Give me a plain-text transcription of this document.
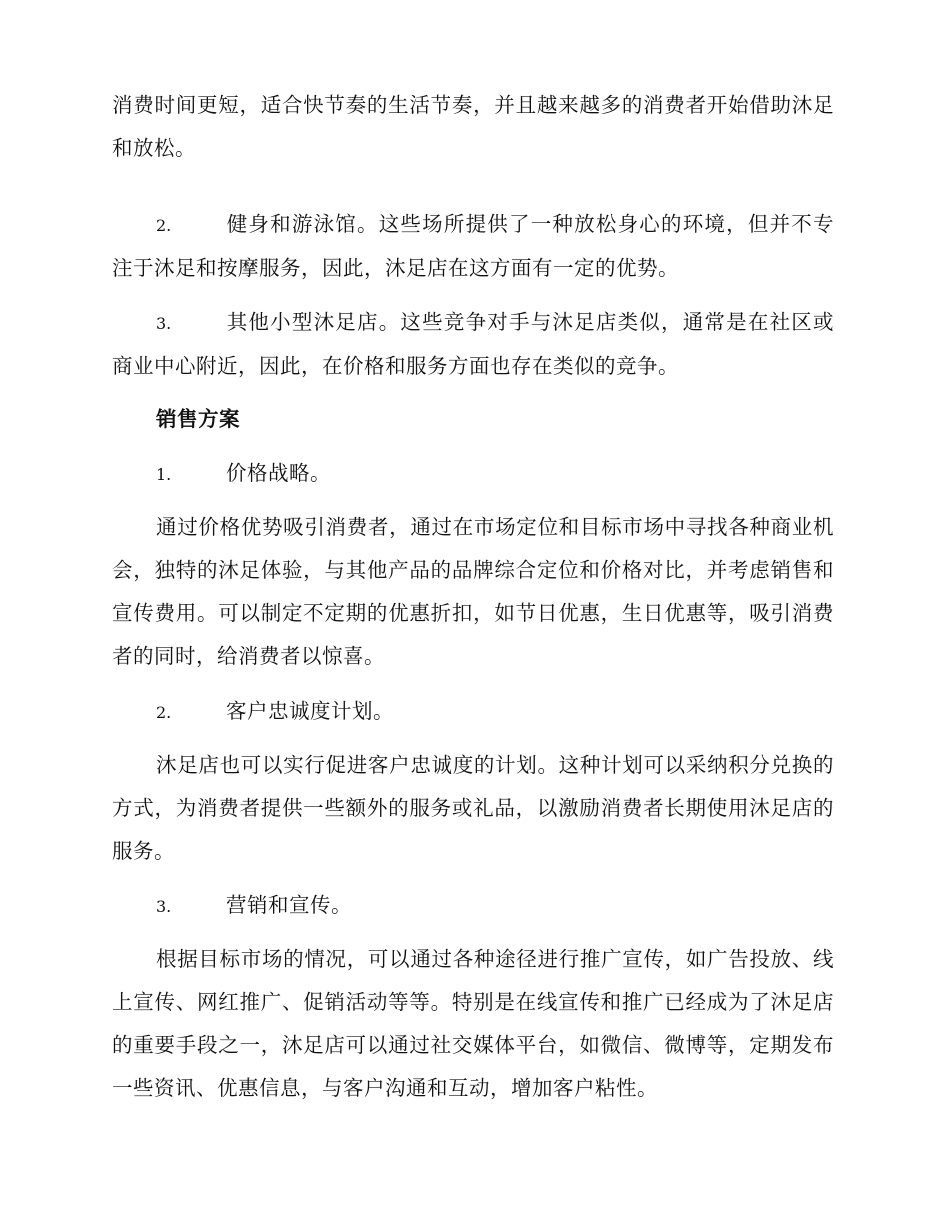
消费时间更短，适合快节奏的生活节奏，并且越来越多的消费者开始借助沐足和放松。

2.	健身和游泳馆。这些场所提供了一种放松身心的环境，但并不专注于沐足和按摩服务，因此，沐足店在这方面有一定的优势。
3.	其他小型沐足店。这些竞争对手与沐足店类似，通常是在社区或商业中心附近，因此，在价格和服务方面也存在类似的竞争。
销售方案
1.	价格战略。

通过价格优势吸引消费者，通过在市场定位和目标市场中寻找各种商业机会，独特的沐足体验，与其他产品的品牌综合定位和价格对比，并考虑销售和宣传费用。可以制定不定期的优惠折扣，如节日优惠，生日优惠等，吸引消费者的同时，给消费者以惊喜。

2.	客户忠诚度计划。

沐足店也可以实行促进客户忠诚度的计划。这种计划可以采纳积分兑换的方式，为消费者提供一些额外的服务或礼品，以激励消费者长期使用沐足店的服务。

3.	营销和宣传。

根据目标市场的情况，可以通过各种途径进行推广宣传，如广告投放、线上宣传、网红推广、促销活动等等。特别是在线宣传和推广已经成为了沐足店的重要手段之一，沐足店可以通过社交媒体平台，如微信、微博等，定期发布一些资讯、优惠信息，与客户沟通和互动，增加客户粘性。
